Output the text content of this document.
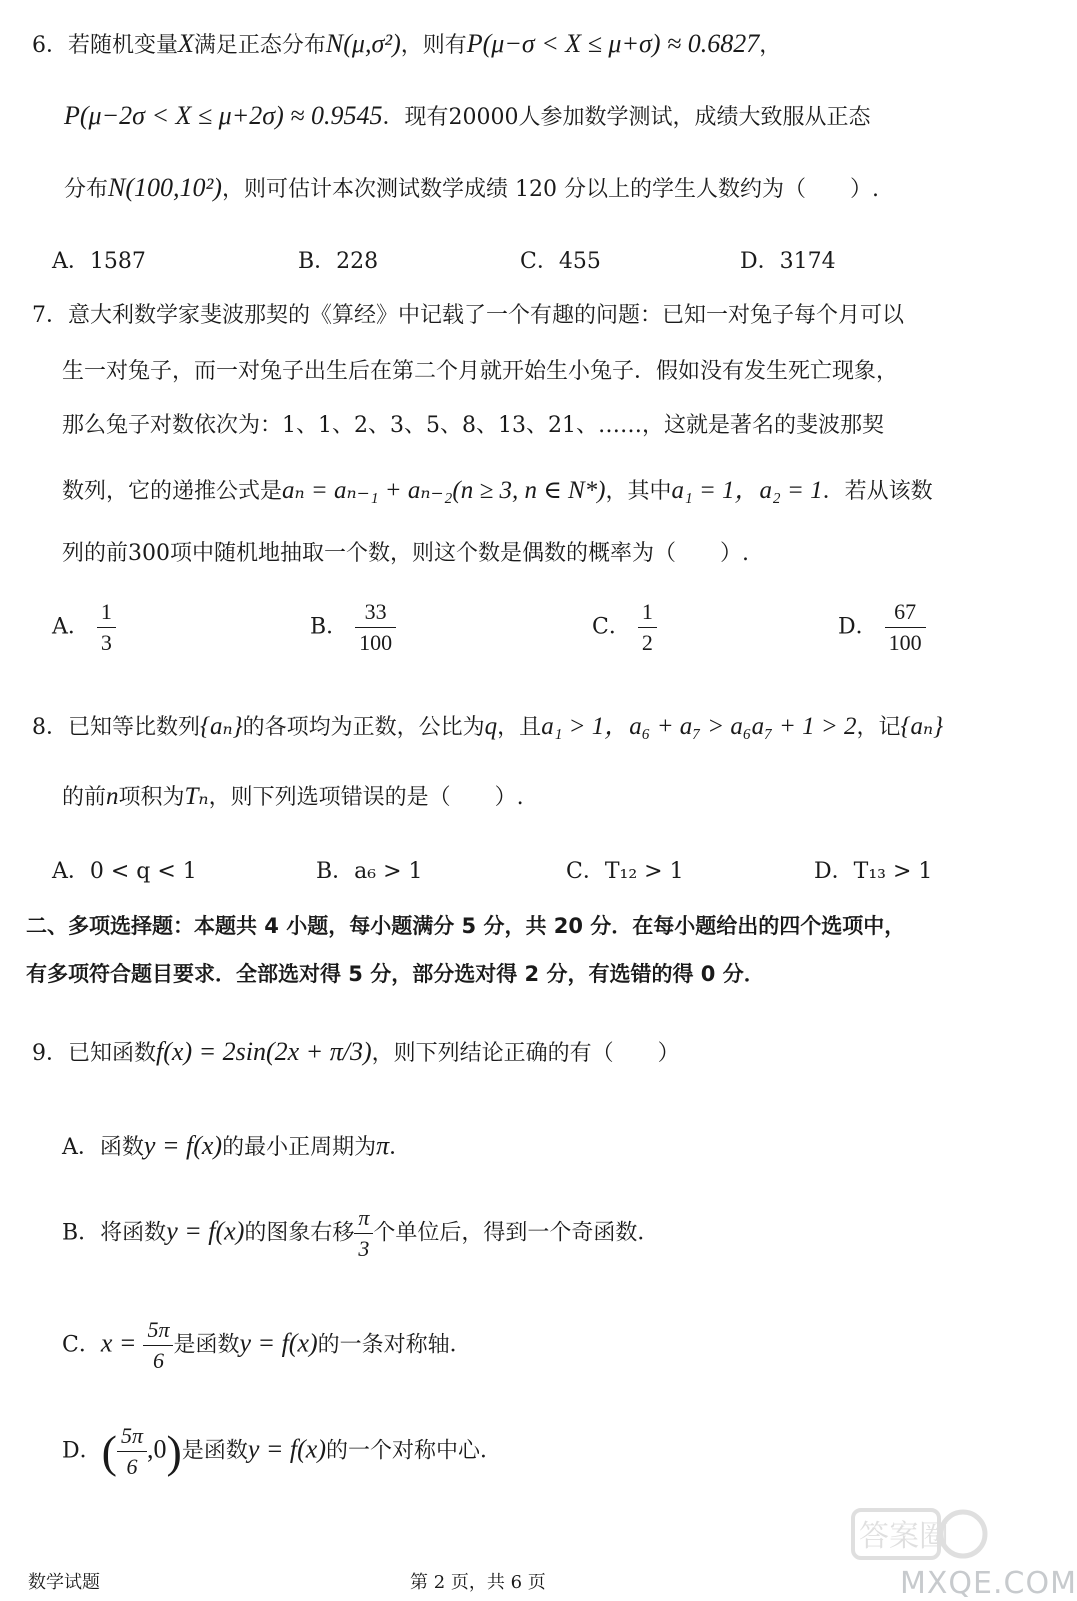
6．若随机变量X满足正态分布N(μ,σ²)，则有P(μ−σ < X ≤ μ+σ) ≈ 0.6827，
P(μ−2σ < X ≤ μ+2σ) ≈ 0.9545．现有20000人参加数学测试，成绩大致服从正态
分布N(100,10²)，则可估计本次测试数学成绩 120 分以上的学生人数约为（　　）.
A．1587	B．228	C．455	D．3174
7．意大利数学家斐波那契的《算经》中记载了一个有趣的问题：已知一对兔子每个月可以
生一对兔子，而一对兔子出生后在第二个月就开始生小兔子．假如没有发生死亡现象，
那么兔子对数依次为：1、1、2、3、5、8、13、21、……，这就是著名的斐波那契
数列，它的递推公式是aₙ = aₙ₋₁ + aₙ₋₂(n ≥ 3, n ∈ N*)，其中a₁ = 1，a₂ = 1．若从该数
列的前300项中随机地抽取一个数，则这个数是偶数的概率为（　　）.
A． $\frac{1}{3}$	B． $\frac{33}{100}$	C． $\frac{1}{2}$	D． $\frac{67}{100}$
8．已知等比数列{aₙ}的各项均为正数，公比为q，且a₁ > 1，a₆ + a₇ > a₆a₇ + 1 > 2，记{aₙ}
的前n项积为Tₙ，则下列选项错误的是（　　）.
A．0 < q < 1	B．a₆ > 1	C．T₁₂ > 1	D．T₁₃ > 1
二、多项选择题：本题共 4 小题，每小题满分 5 分，共 20 分．在每小题给出的四个选项中，
有多项符合题目要求．全部选对得 5 分，部分选对得 2 分，有选错的得 0 分．
9．已知函数f(x) = 2sin(2x + π/3)，则下列结论正确的有（　　）
A．函数y = f(x)的最小正周期为π．
B．将函数y = f(x)的图象右移 $\frac{\pi}{3}$ 个单位后，得到一个奇函数．
C．$x = \frac{5\pi}{6}$ 是函数y = f(x)的一条对称轴．
D．( $\frac{5\pi}{6} ,0$)是函数y = f(x)的一个对称中心．
答案圈
MXQE.COM
数学试题	第 2 页，共 6 页
